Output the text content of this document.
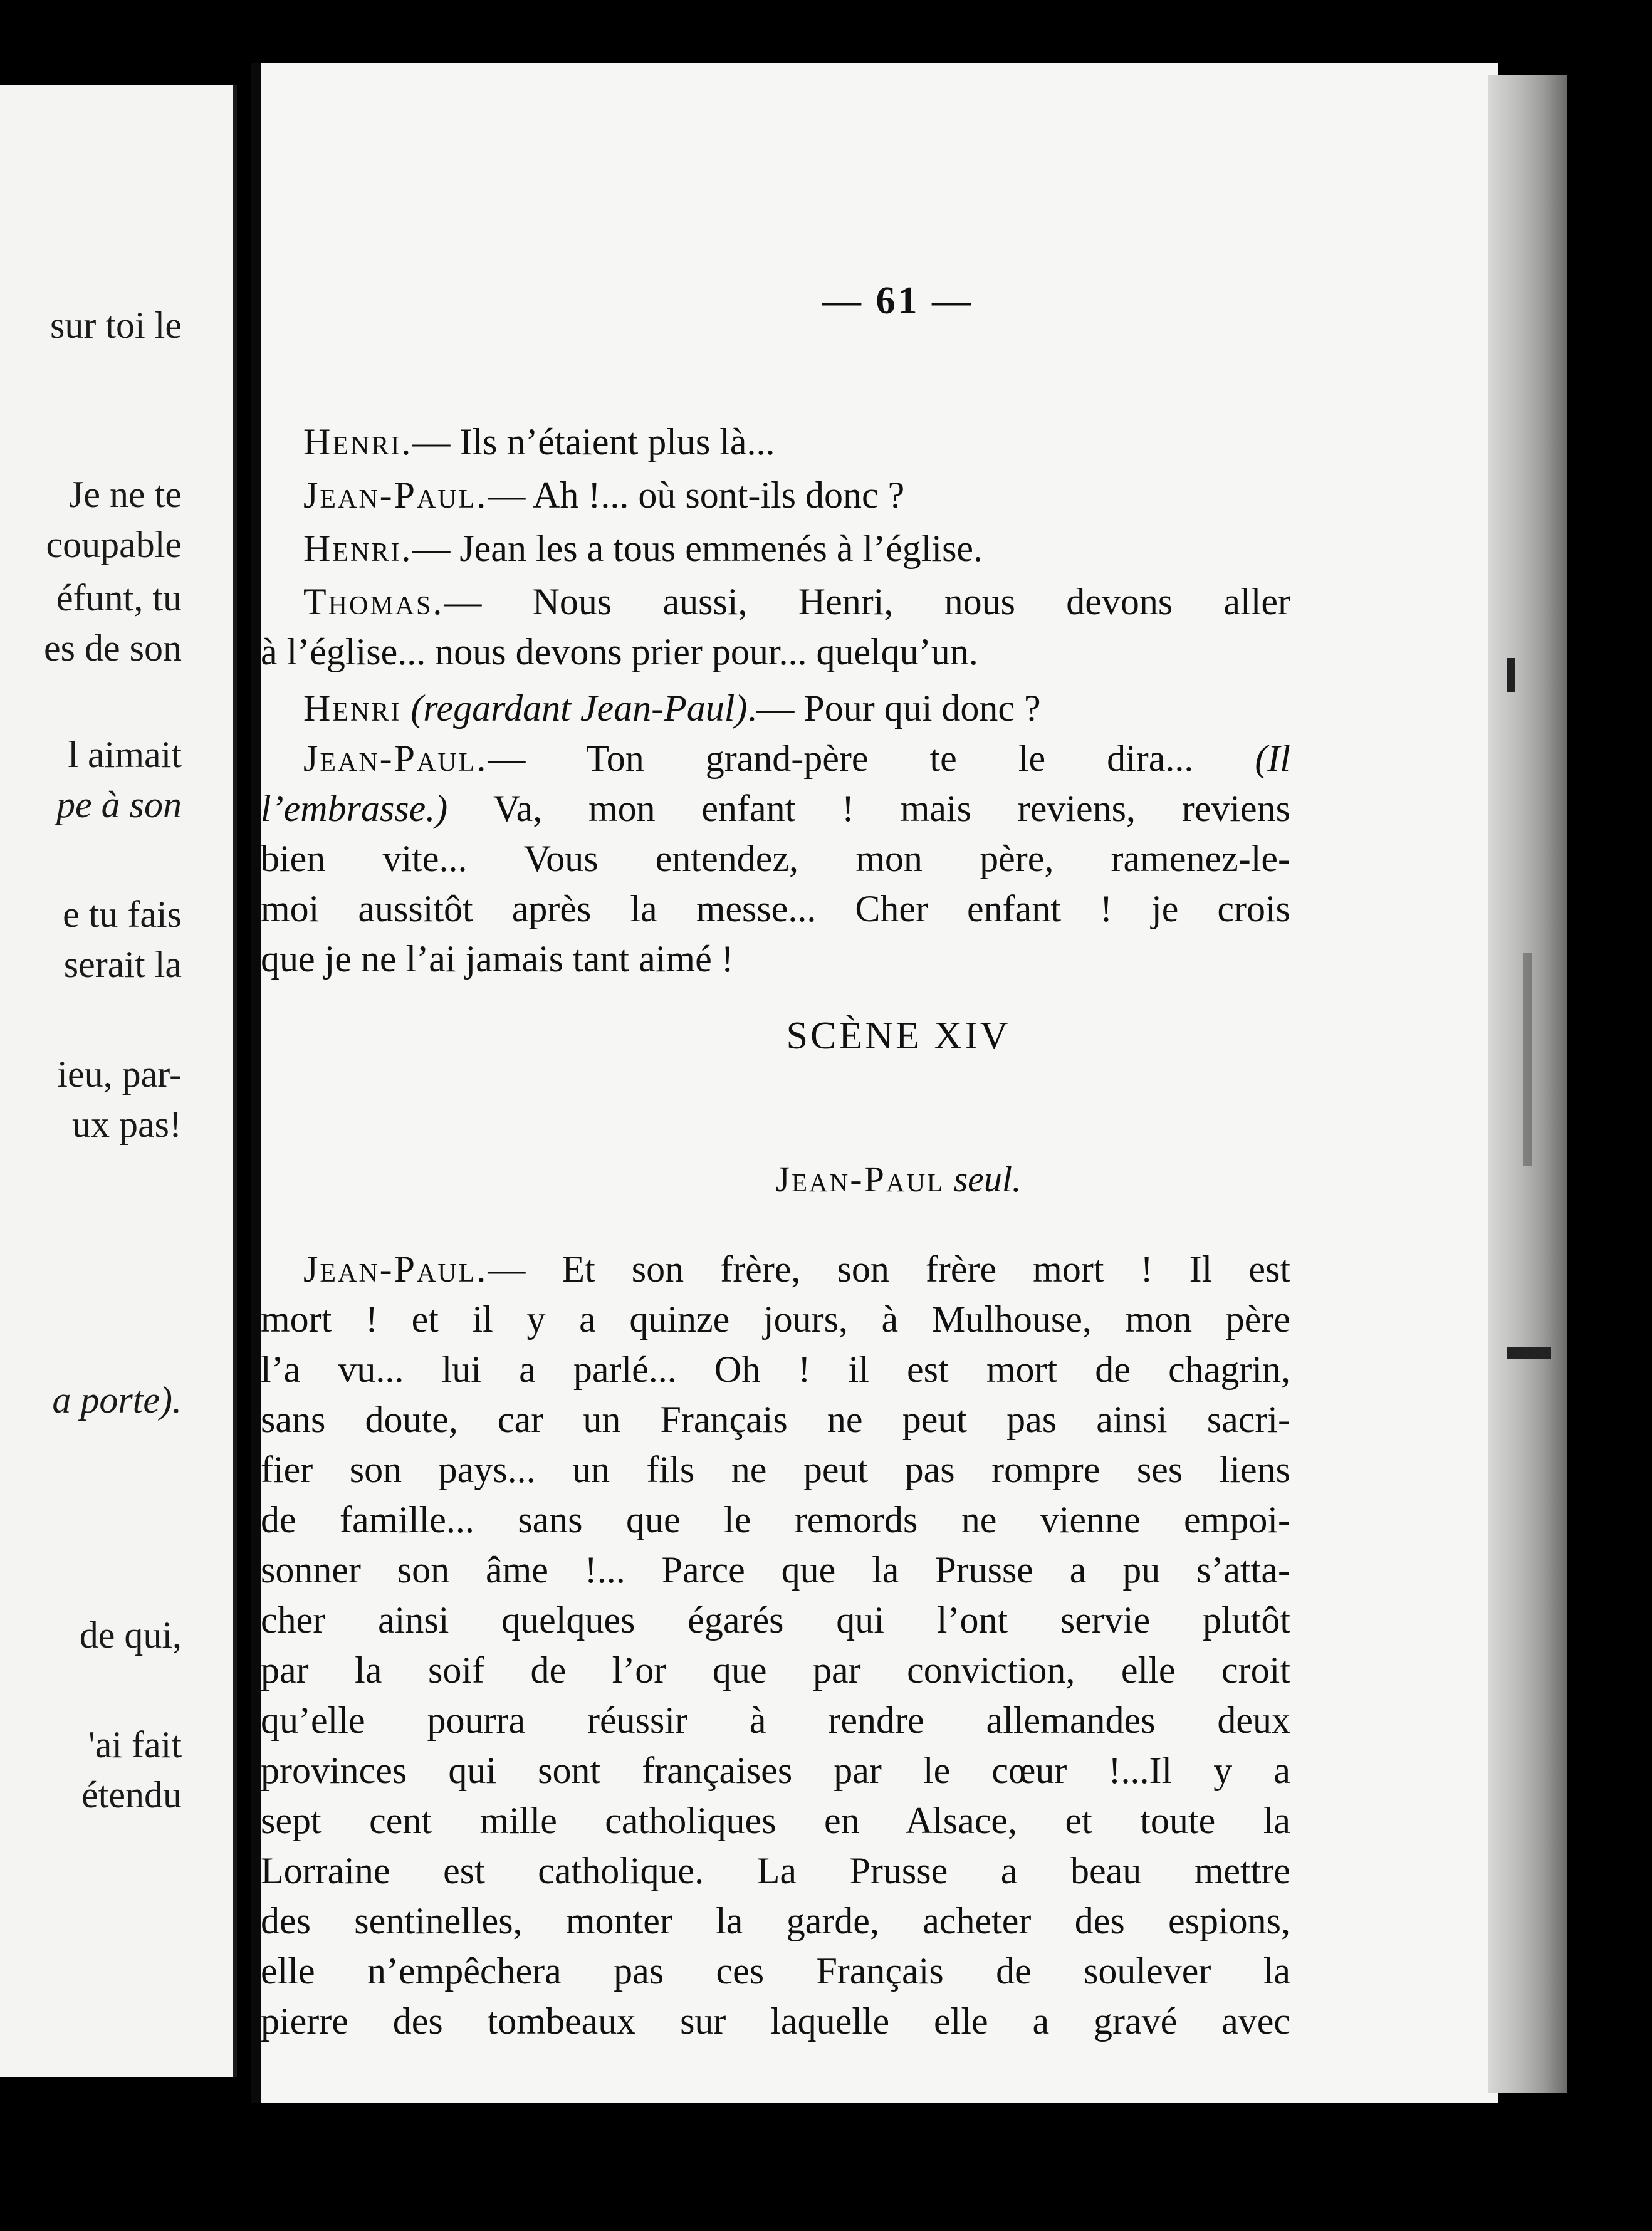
sur toi le
Je ne te
coupable
éfunt, tu
es de son
l aimait
pe à son
e tu fais
serait la
ieu, par-
ux pas!
a porte).
de qui,
'ai fait
étendu
— 61 —
Henri.— Ils n’étaient plus là...
Jean-Paul.— Ah !... où sont-ils donc ?
Henri.— Jean les a tous emmenés à l’église.
Thomas.— Nous aussi, Henri, nous devons aller
à l’église... nous devons prier pour... quelqu’un.
Henri (regardant Jean-Paul).— Pour qui donc ?
Jean-Paul.— Ton grand-père te le dira... (Il
l’embrasse.) Va, mon enfant ! mais reviens, reviens
bien vite... Vous entendez, mon père, ramenez-le-
moi aussitôt après la messe... Cher enfant ! je crois
que je ne l’ai jamais tant aimé !
SCÈNE XIV
Jean-Paul seul.
Jean-Paul.— Et son frère, son frère mort ! Il est
mort ! et il y a quinze jours, à Mulhouse, mon père
l’a vu... lui a parlé... Oh ! il est mort de chagrin,
sans doute, car un Français ne peut pas ainsi sacri-
fier son pays... un fils ne peut pas rompre ses liens
de famille... sans que le remords ne vienne empoi-
sonner son âme !... Parce que la Prusse a pu s’atta-
cher ainsi quelques égarés qui l’ont servie plutôt
par la soif de l’or que par conviction, elle croit
qu’elle pourra réussir à rendre allemandes deux
provinces qui sont françaises par le cœur !...Il y a
sept cent mille catholiques en Alsace, et toute la
Lorraine est catholique. La Prusse a beau mettre
des sentinelles, monter la garde, acheter des espions,
elle n’empêchera pas ces Français de soulever la
pierre des tombeaux sur laquelle elle a gravé avec
